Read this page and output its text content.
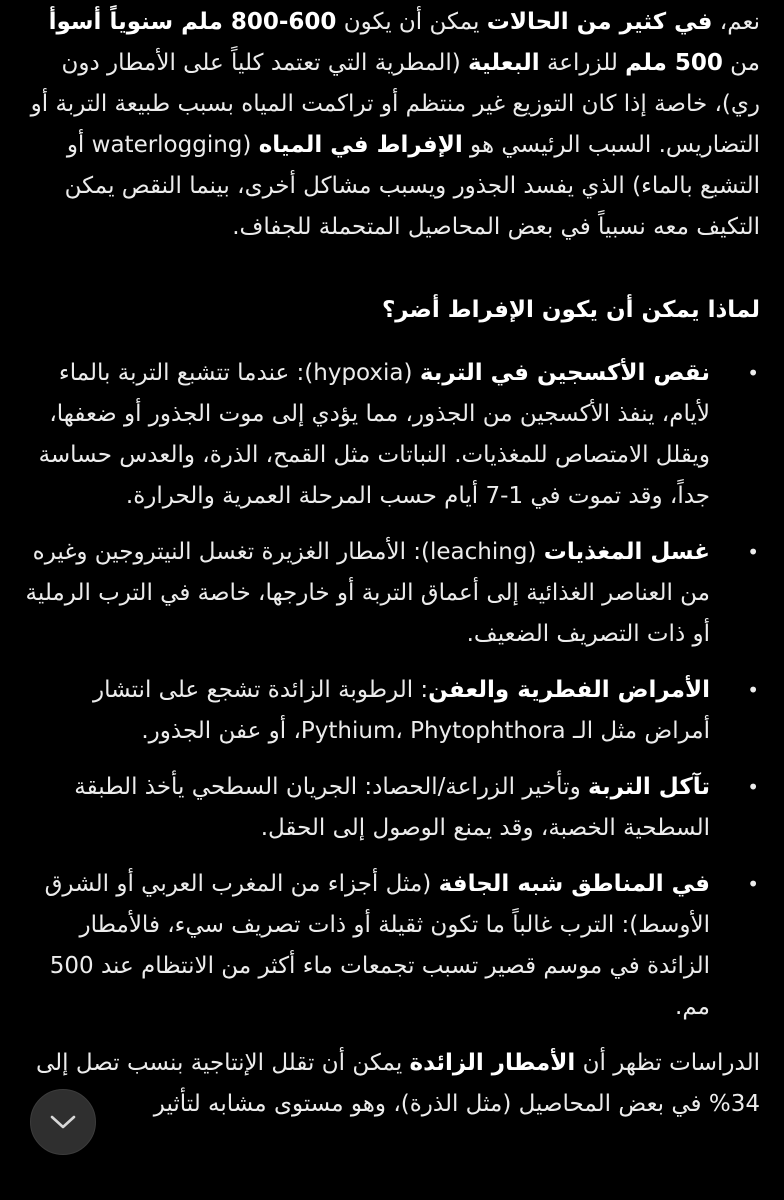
نعم، في كثير من الحالات يمكن أن يكون 600-800 ملم سنوياً أسوأ من 500 ملم للزراعة البعلية (المطرية التي تعتمد كلياً على الأمطار دون ري)، خاصة إذا كان التوزيع غير منتظم أو تراكمت المياه بسبب طبيعة التربة أو التضاريس. السبب الرئيسي هو الإفراط في المياه (waterlogging أو التشبع بالماء) الذي يفسد الجذور ويسبب مشاكل أخرى، بينما النقص يمكن التكيف معه نسبياً في بعض المحاصيل المتحملة للجفاف.

لماذا يمكن أن يكون الإفراط أضر؟
• نقص الأكسجين في التربة (hypoxia): عندما تتشبع التربة بالماء لأيام، ينفذ الأكسجين من الجذور، مما يؤدي إلى موت الجذور أو ضعفها، ويقلل الامتصاص للمغذيات. النباتات مثل القمح، الذرة، والعدس حساسة جداً، وقد تموت في 1-7 أيام حسب المرحلة العمرية والحرارة.
• غسل المغذيات (leaching): الأمطار الغزيرة تغسل النيتروجين وغيره من العناصر الغذائية إلى أعماق التربة أو خارجها، خاصة في الترب الرملية أو ذات التصريف الضعيف.
• الأمراض الفطرية والعفن: الرطوبة الزائدة تشجع على انتشار أمراض مثل الـ Pythium، Phytophthora، أو عفن الجذور.
• تآكل التربة وتأخير الزراعة/الحصاد: الجريان السطحي يأخذ الطبقة السطحية الخصبة، وقد يمنع الوصول إلى الحقل.
• في المناطق شبه الجافة (مثل أجزاء من المغرب العربي أو الشرق الأوسط): الترب غالباً ما تكون ثقيلة أو ذات تصريف سيء، فالأمطار الزائدة في موسم قصير تسبب تجمعات ماء أكثر من الانتظام عند 500 مم.

الدراسات تظهر أن الأمطار الزائدة يمكن أن تقلل الإنتاجية بنسب تصل إلى 34% في بعض المحاصيل (مثل الذرة)، وهو مستوى مشابه لتأثير
